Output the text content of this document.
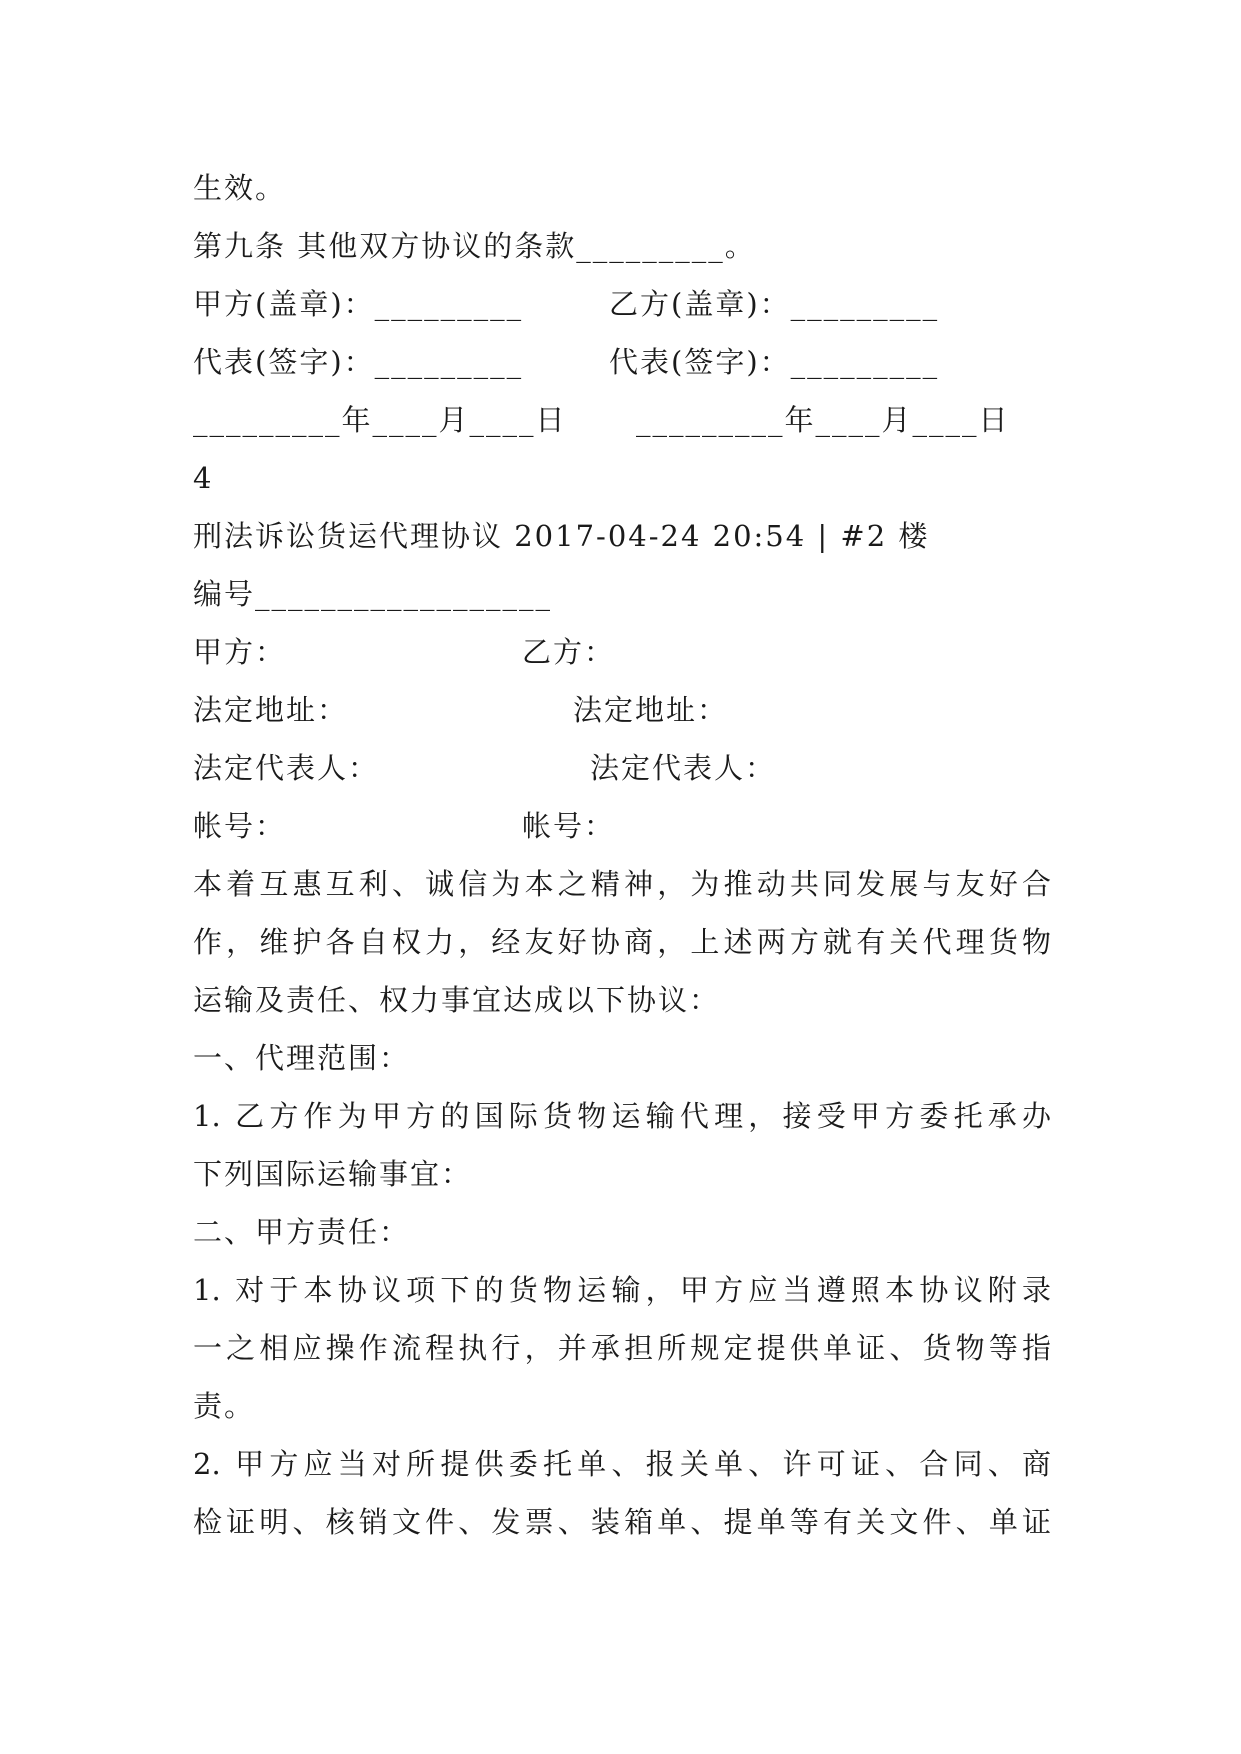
生效。
第九条 其他双方协议的条款_________。
甲方(盖章)：_________	乙方(盖章)：_________
代表(签字)：_________	代表(签字)：_________
_________年____月____日 _________年____月____日
4
刑法诉讼货运代理协议 2017-04-24 20:54 | #2 楼
编号__________________
甲方：	乙方：
法定地址：	法定地址：
法定代表人：	法定代表人：
帐号：	帐号：
本着互惠互利、诚信为本之精神，为推动共同发展与友好合
作，维护各自权力，经友好协商，上述两方就有关代理货物
运输及责任、权力事宜达成以下协议：
一、代理范围：
1. 乙方作为甲方的国际货物运输代理，接受甲方委托承办
下列国际运输事宜：
二、甲方责任：
1. 对于本协议项下的货物运输，甲方应当遵照本协议附录
一之相应操作流程执行，并承担所规定提供单证、货物等指
责。
2. 甲方应当对所提供委托单、报关单、许可证、合同、商
检证明、核销文件、发票、装箱单、提单等有关文件、单证
